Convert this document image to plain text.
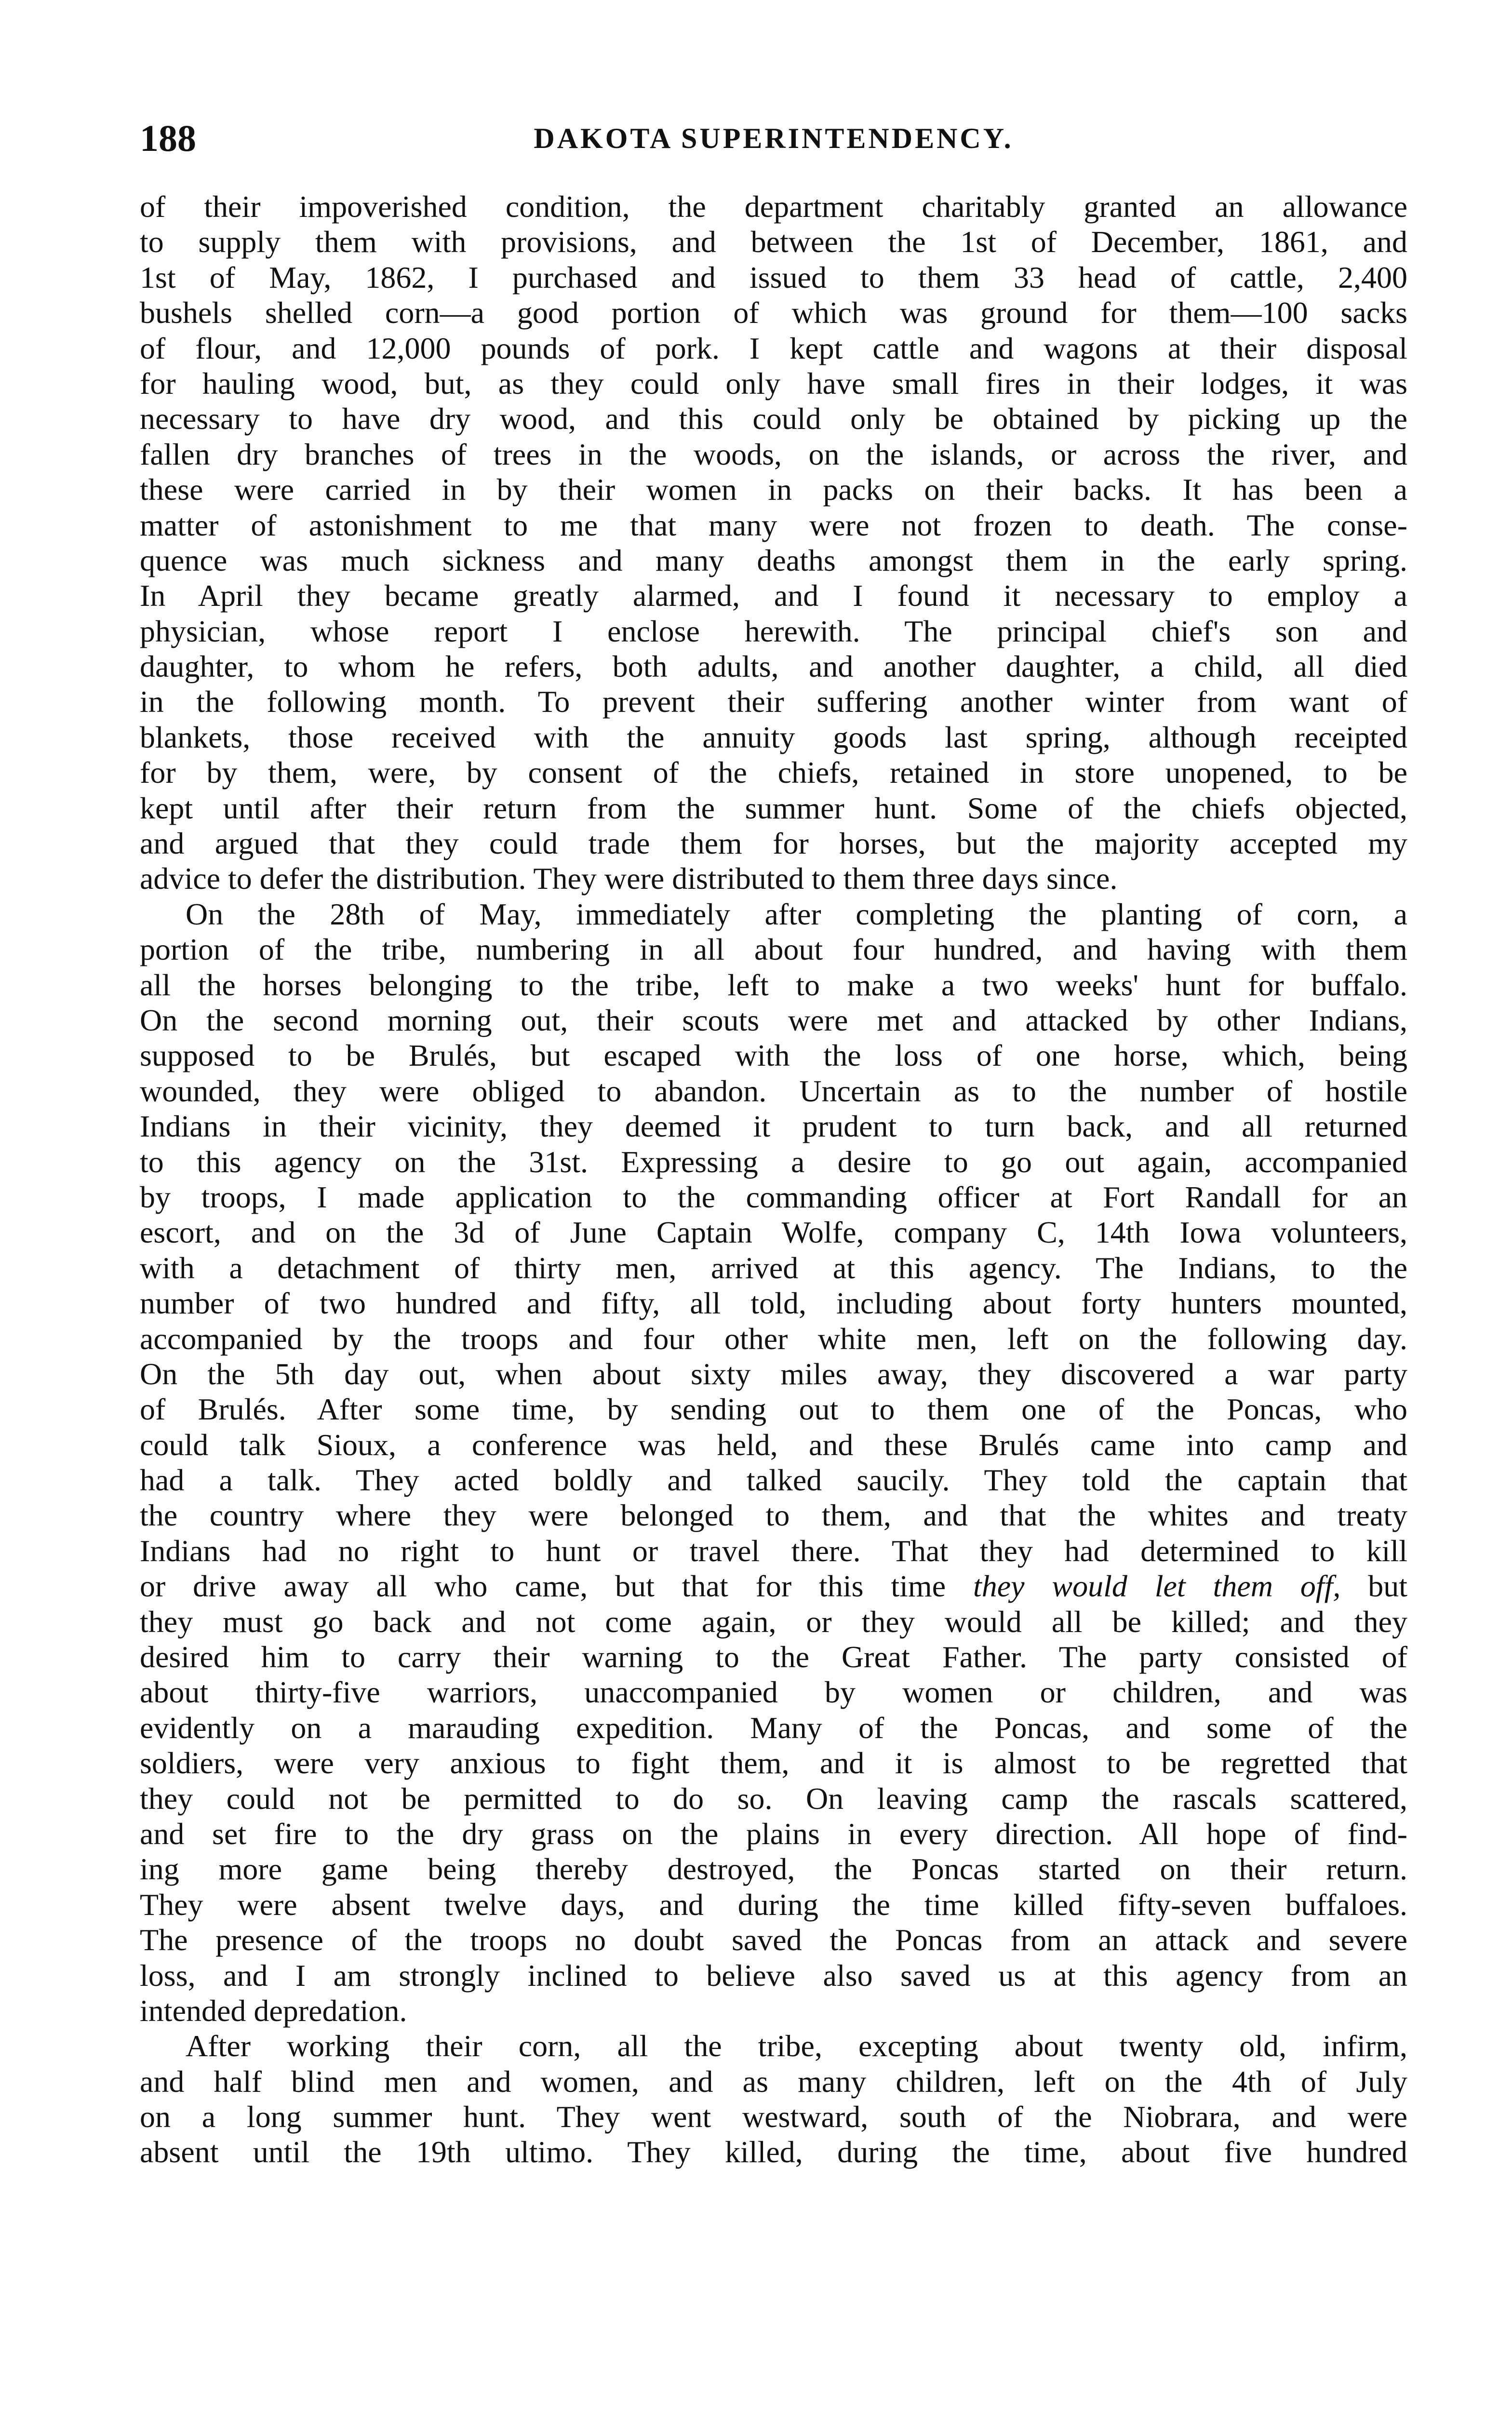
188	DAKOTA SUPERINTENDENCY.
of their impoverished condition, the department charitably granted an allowance
to supply them with provisions, and between the 1st of December, 1861, and
1st of May, 1862, I purchased and issued to them 33 head of cattle, 2,400
bushels shelled corn—a good portion of which was ground for them—100 sacks
of flour, and 12,000 pounds of pork. I kept cattle and wagons at their disposal
for hauling wood, but, as they could only have small fires in their lodges, it was
necessary to have dry wood, and this could only be obtained by picking up the
fallen dry branches of trees in the woods, on the islands, or across the river, and
these were carried in by their women in packs on their backs. It has been a
matter of astonishment to me that many were not frozen to death. The conse-
quence was much sickness and many deaths amongst them in the early spring.
In April they became greatly alarmed, and I found it necessary to employ a
physician, whose report I enclose herewith. The principal chief's son and
daughter, to whom he refers, both adults, and another daughter, a child, all died
in the following month. To prevent their suffering another winter from want of
blankets, those received with the annuity goods last spring, although receipted
for by them, were, by consent of the chiefs, retained in store unopened, to be
kept until after their return from the summer hunt. Some of the chiefs objected,
and argued that they could trade them for horses, but the majority accepted my
advice to defer the distribution. They were distributed to them three days since.
On the 28th of May, immediately after completing the planting of corn, a
portion of the tribe, numbering in all about four hundred, and having with them
all the horses belonging to the tribe, left to make a two weeks' hunt for buffalo.
On the second morning out, their scouts were met and attacked by other Indians,
supposed to be Brulés, but escaped with the loss of one horse, which, being
wounded, they were obliged to abandon. Uncertain as to the number of hostile
Indians in their vicinity, they deemed it prudent to turn back, and all returned
to this agency on the 31st. Expressing a desire to go out again, accompanied
by troops, I made application to the commanding officer at Fort Randall for an
escort, and on the 3d of June Captain Wolfe, company C, 14th Iowa volunteers,
with a detachment of thirty men, arrived at this agency. The Indians, to the
number of two hundred and fifty, all told, including about forty hunters mounted,
accompanied by the troops and four other white men, left on the following day.
On the 5th day out, when about sixty miles away, they discovered a war party
of Brulés. After some time, by sending out to them one of the Poncas, who
could talk Sioux, a conference was held, and these Brulés came into camp and
had a talk. They acted boldly and talked saucily. They told the captain that
the country where they were belonged to them, and that the whites and treaty
Indians had no right to hunt or travel there. That they had determined to kill
or drive away all who came, but that for this time they would let them off, but
they must go back and not come again, or they would all be killed; and they
desired him to carry their warning to the Great Father. The party consisted of
about thirty-five warriors, unaccompanied by women or children, and was
evidently on a marauding expedition. Many of the Poncas, and some of the
soldiers, were very anxious to fight them, and it is almost to be regretted that
they could not be permitted to do so. On leaving camp the rascals scattered,
and set fire to the dry grass on the plains in every direction. All hope of find-
ing more game being thereby destroyed, the Poncas started on their return.
They were absent twelve days, and during the time killed fifty-seven buffaloes.
The presence of the troops no doubt saved the Poncas from an attack and severe
loss, and I am strongly inclined to believe also saved us at this agency from an
intended depredation.
After working their corn, all the tribe, excepting about twenty old, infirm,
and half blind men and women, and as many children, left on the 4th of July
on a long summer hunt. They went westward, south of the Niobrara, and were
absent until the 19th ultimo. They killed, during the time, about five hundred
